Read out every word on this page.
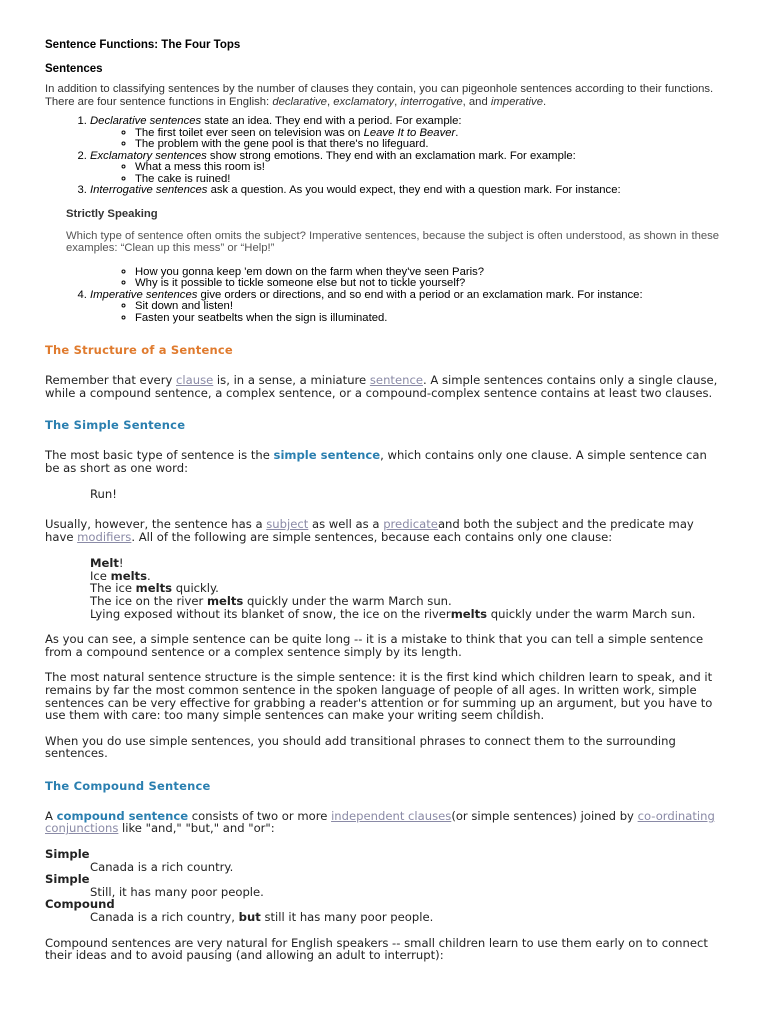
Sentence Functions: The Four Tops

Sentences

In addition to classifying sentences by the number of clauses they contain, you can pigeonhole sentences according to their functions. There are four sentence functions in English: declarative, exclamatory, interrogative, and imperative.

1. Declarative sentences state an idea. They end with a period. For example:
◦ The first toilet ever seen on television was on Leave It to Beaver.
◦ The problem with the gene pool is that there's no lifeguard.
2. Exclamatory sentences show strong emotions. They end with an exclamation mark. For example:
◦ What a mess this room is!
◦ The cake is ruined!
3. Interrogative sentences ask a question. As you would expect, they end with a question mark. For instance:

Strictly Speaking

Which type of sentence often omits the subject? Imperative sentences, because the subject is often understood, as shown in these examples: “Clean up this mess” or “Help!”

◦ How you gonna keep 'em down on the farm when they've seen Paris?
◦ Why is it possible to tickle someone else but not to tickle yourself?
4. Imperative sentences give orders or directions, and so end with a period or an exclamation mark. For instance:
◦ Sit down and listen!
◦ Fasten your seatbelts when the sign is illuminated.

The Structure of a Sentence

Remember that every clause is, in a sense, a miniature sentence. A simple sentences contains only a single clause, while a compound sentence, a complex sentence, or a compound-complex sentence contains at least two clauses.

The Simple Sentence

The most basic type of sentence is the simple sentence, which contains only one clause. A simple sentence can be as short as one word:

Run!

Usually, however, the sentence has a subject as well as a predicateand both the subject and the predicate may have modifiers. All of the following are simple sentences, because each contains only one clause:

Melt!
Ice melts.
The ice melts quickly.
The ice on the river melts quickly under the warm March sun.
Lying exposed without its blanket of snow, the ice on the rivermelts quickly under the warm March sun.

As you can see, a simple sentence can be quite long -- it is a mistake to think that you can tell a simple sentence from a compound sentence or a complex sentence simply by its length.

The most natural sentence structure is the simple sentence: it is the first kind which children learn to speak, and it remains by far the most common sentence in the spoken language of people of all ages. In written work, simple sentences can be very effective for grabbing a reader's attention or for summing up an argument, but you have to use them with care: too many simple sentences can make your writing seem childish.

When you do use simple sentences, you should add transitional phrases to connect them to the surrounding sentences.

The Compound Sentence

A compound sentence consists of two or more independent clauses(or simple sentences) joined by co-ordinating conjunctions like "and," "but," and "or":

Simple
Canada is a rich country.
Simple
Still, it has many poor people.
Compound
Canada is a rich country, but still it has many poor people.

Compound sentences are very natural for English speakers -- small children learn to use them early on to connect their ideas and to avoid pausing (and allowing an adult to interrupt):
